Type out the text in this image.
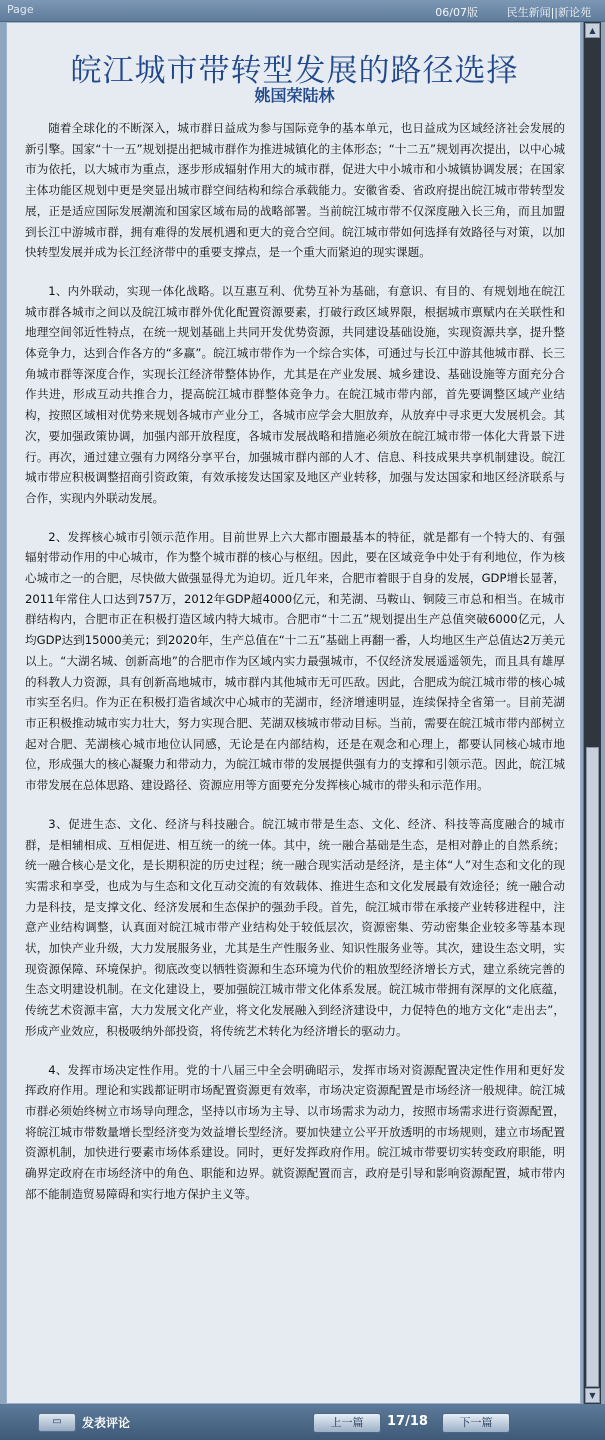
Page	06/07版	民生新闻||新论苑
皖江城市带转型发展的路径选择
姚国荣陆林

随着全球化的不断深入，城市群日益成为参与国际竞争的基本单元，也日益成为区域经济社会发展的新引擎。国家“十一五”规划提出把城市群作为推进城镇化的主体形态；“十二五”规划再次提出，以中心城市为依托，以大城市为重点，逐步形成辐射作用大的城市群，促进大中小城市和小城镇协调发展；在国家主体功能区规划中更是突显出城市群空间结构和综合承载能力。安徽省委、省政府提出皖江城市带转型发展，正是适应国际发展潮流和国家区域布局的战略部署。当前皖江城市带不仅深度融入长三角，而且加盟到长江中游城市群，拥有难得的发展机遇和更大的竞合空间。皖江城市带如何选择有效路径与对策，以加快转型发展并成为长江经济带中的重要支撑点，是一个重大而紧迫的现实课题。

1、内外联动，实现一体化战略。以互惠互利、优势互补为基础，有意识、有目的、有规划地在皖江城市群各城市之间以及皖江城市群外优化配置资源要素，打破行政区域界限，根据城市禀赋内在关联性和地理空间邻近性特点，在统一规划基础上共同开发优势资源，共同建设基础设施，实现资源共享，提升整体竞争力，达到合作各方的“多赢”。皖江城市带作为一个综合实体，可通过与长江中游其他城市群、长三角城市群等深度合作，实现长江经济带整体协作，尤其是在产业发展、城乡建设、基础设施等方面充分合作共进，形成互动共推合力，提高皖江城市群整体竞争力。在皖江城市带内部，首先要调整区域产业结构，按照区域相对优势来规划各城市产业分工，各城市应学会大胆放弃，从放弃中寻求更大发展机会。其次，要加强政策协调，加强内部开放程度，各城市发展战略和措施必须放在皖江城市带一体化大背景下进行。再次，通过建立强有力网络分享平台，加强城市群内部的人才、信息、科技成果共享机制建设。皖江城市带应积极调整招商引资政策，有效承接发达国家及地区产业转移，加强与发达国家和地区经济联系与合作，实现内外联动发展。

2、发挥核心城市引领示范作用。目前世界上六大都市圈最基本的特征，就是都有一个特大的、有强辐射带动作用的中心城市，作为整个城市群的核心与枢纽。因此，要在区域竞争中处于有利地位，作为核心城市之一的合肥，尽快做大做强显得尤为迫切。近几年来，合肥市着眼于自身的发展，GDP增长显著，2011年常住人口达到757万，2012年GDP超4000亿元，和芜湖、马鞍山、铜陵三市总和相当。在城市群结构内，合肥市正在积极打造区域内特大城市。合肥市“十二五”规划提出生产总值突破6000亿元，人均GDP达到15000美元；到2020年，生产总值在“十二五”基础上再翻一番，人均地区生产总值达2万美元以上。“大湖名城、创新高地”的合肥市作为区域内实力最强城市，不仅经济发展遥遥领先，而且具有雄厚的科教人力资源，具有创新高地城市，城市群内其他城市无可匹敌。因此，合肥成为皖江城市带的核心城市实至名归。作为正在积极打造省域次中心城市的芜湖市，经济增速明显，连续保持全省第一。目前芜湖市正积极推动城市实力壮大，努力实现合肥、芜湖双核城市带动目标。当前，需要在皖江城市带内部树立起对合肥、芜湖核心城市地位认同感，无论是在内部结构，还是在观念和心理上，都要认同核心城市地位，形成强大的核心凝聚力和带动力，为皖江城市带的发展提供强有力的支撑和引领示范。因此，皖江城市带发展在总体思路、建设路径、资源应用等方面要充分发挥核心城市的带头和示范作用。

3、促进生态、文化、经济与科技融合。皖江城市带是生态、文化、经济、科技等高度融合的城市群，是相辅相成、互相促进、相互统一的统一体。其中，统一融合基础是生态，是相对静止的自然系统；统一融合核心是文化，是长期积淀的历史过程；统一融合现实活动是经济，是主体“人”对生态和文化的现实需求和享受，也成为与生态和文化互动交流的有效载体、推进生态和文化发展最有效途径；统一融合动力是科技，是支撑文化、经济发展和生态保护的强劲手段。首先，皖江城市带在承接产业转移进程中，注意产业结构调整，认真面对皖江城市带产业结构处于较低层次，资源密集、劳动密集企业较多等基本现状，加快产业升级，大力发展服务业，尤其是生产性服务业、知识性服务业等。其次，建设生态文明，实现资源保障、环境保护。彻底改变以牺牲资源和生态环境为代价的粗放型经济增长方式，建立系统完善的生态文明建设机制。在文化建设上，要加强皖江城市带文化体系发展。皖江城市带拥有深厚的文化底蕴，传统艺术资源丰富，大力发展文化产业，将文化发展融入到经济建设中，力促特色的地方文化“走出去”，形成产业效应，积极吸纳外部投资，将传统艺术转化为经济增长的驱动力。

4、发挥市场决定性作用。党的十八届三中全会明确昭示，发挥市场对资源配置决定性作用和更好发挥政府作用。理论和实践都证明市场配置资源更有效率，市场决定资源配置是市场经济一般规律。皖江城市群必须始终树立市场导向理念，坚持以市场为主导、以市场需求为动力，按照市场需求进行资源配置，将皖江城市带数量增长型经济变为效益增长型经济。要加快建立公平开放透明的市场规则，建立市场配置资源机制，加快进行要素市场体系建设。同时，更好发挥政府作用。皖江城市带要切实转变政府职能，明确界定政府在市场经济中的角色、职能和边界。就资源配置而言，政府是引导和影响资源配置，城市带内部不能制造贸易障碍和实行地方保护主义等。

▲
▼
▭	发表评论	上一篇	17/18	下一篇
